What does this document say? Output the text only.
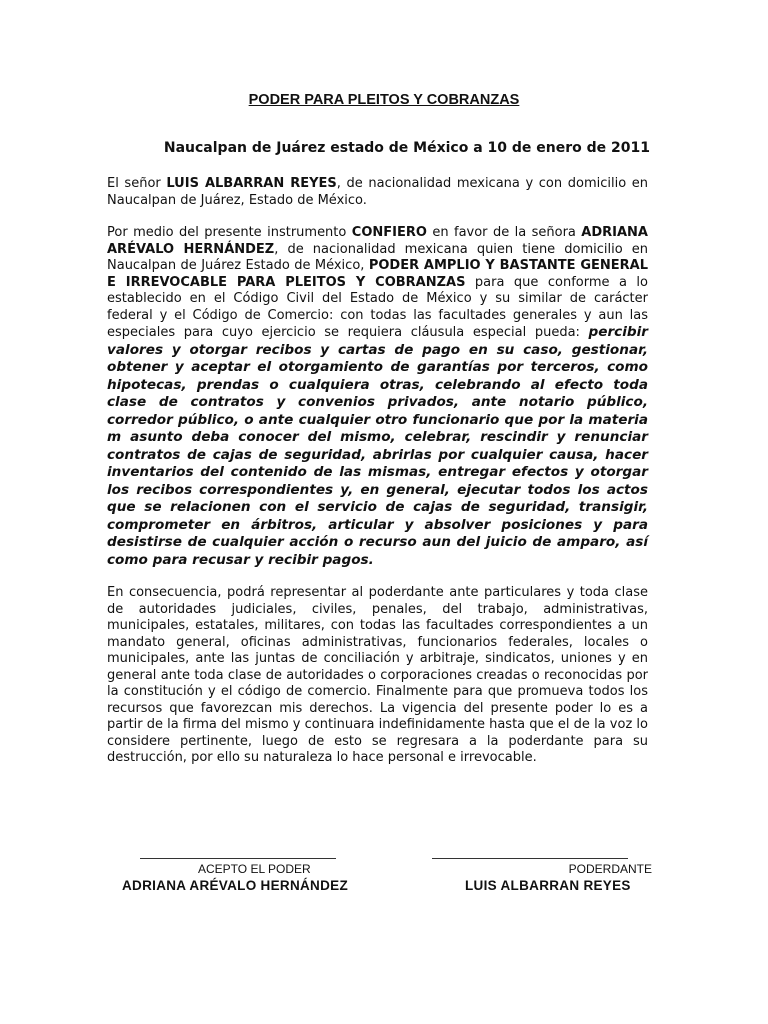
PODER PARA PLEITOS Y COBRANZAS
Naucalpan de Juárez estado de México a 10 de enero de 2011

El señor LUIS ALBARRAN REYES, de nacionalidad mexicana y con domicilio en Naucalpan de Juárez, Estado de México.

Por medio del presente instrumento CONFIERO en favor de la señora ADRIANA ARÉVALO HERNÁNDEZ, de nacionalidad mexicana quien tiene domicilio en Naucalpan de Juárez Estado de México, PODER AMPLIO Y BASTANTE GENERAL E IRREVOCABLE PARA PLEITOS Y COBRANZAS para que conforme a lo establecido en el Código Civil del Estado de México y su similar de carácter federal y el Código de Comercio: con todas las facultades generales y aun las especiales para cuyo ejercicio se requiera cláusula especial pueda: percibir valores y otorgar recibos y cartas de pago en su caso, gestionar, obtener y aceptar el otorgamiento de garantías por terceros, como hipotecas, prendas o cualquiera otras, celebrando al efecto toda clase de contratos y convenios privados, ante notario público, corredor público, o ante cualquier otro funcionario que por la materia m asunto deba conocer del mismo, celebrar, rescindir y renunciar contratos de cajas de seguridad, abrirlas por cualquier causa, hacer inventarios del contenido de las mismas, entregar efectos y otorgar los recibos correspondientes y, en general, ejecutar todos los actos que se relacionen con el servicio de cajas de seguridad, transigir, comprometer en árbitros, articular y absolver posiciones y para desistirse de cualquier acción o recurso aun del juicio de amparo, así como para recusar y recibir pagos.

En consecuencia, podrá representar al poderdante ante particulares y toda clase de autoridades judiciales, civiles, penales, del trabajo, administrativas, municipales, estatales, militares, con todas las facultades correspondientes a un mandato general, oficinas administrativas, funcionarios federales, locales o municipales, ante las juntas de conciliación y arbitraje, sindicatos, uniones y en general ante toda clase de autoridades o corporaciones creadas o reconocidas por la constitución y el código de comercio. Finalmente para que promueva todos los recursos que favorezcan mis derechos. La vigencia del presente poder lo es a partir de la firma del mismo y continuara indefinidamente hasta que el de la voz lo considere pertinente, luego de esto se regresara a la poderdante para su destrucción, por ello su naturaleza lo hace personal e irrevocable.

ACEPTO EL PODER
ADRIANA ARÉVALO HERNÁNDEZ
PODERDANTE
LUIS ALBARRAN REYES
